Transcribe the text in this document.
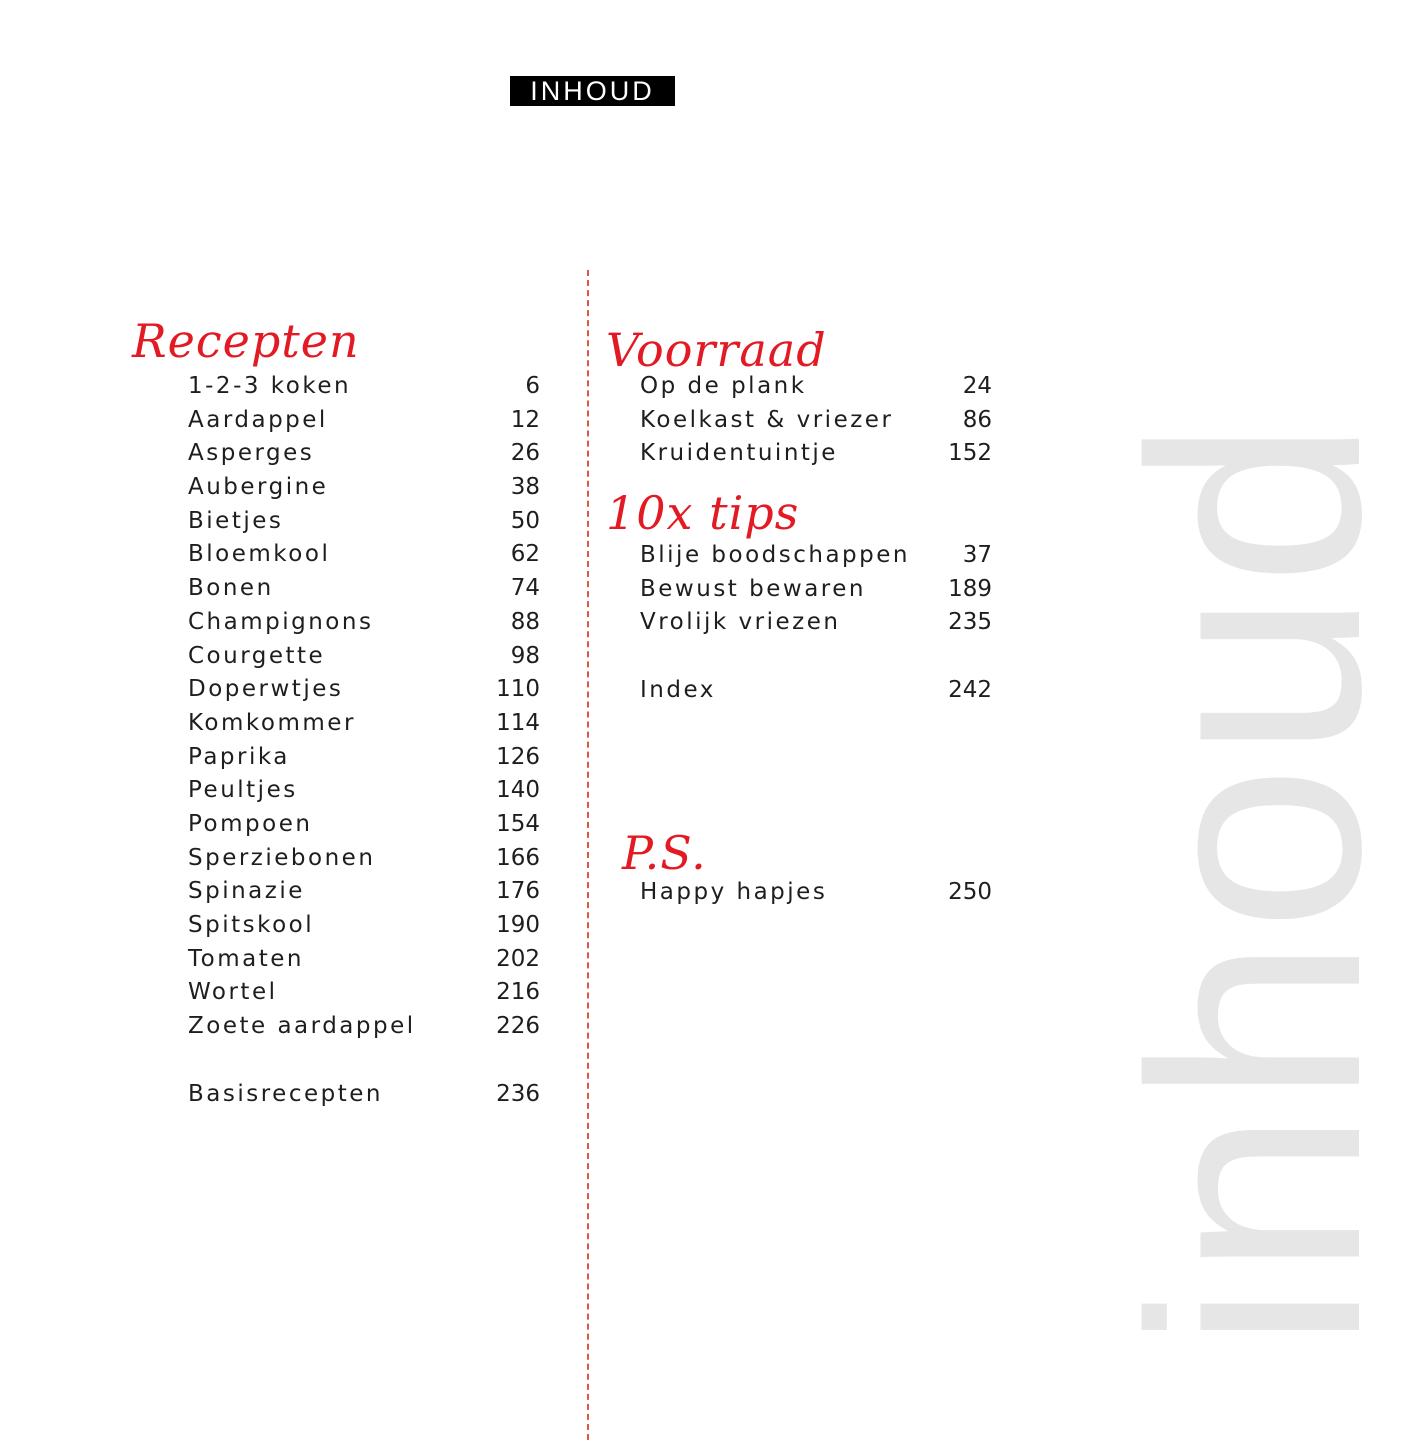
INHOUD
inhoud
Recepten
1-2-3 koken	6
Aardappel	12
Asperges	26
Aubergine	38
Bietjes	50
Bloemkool	62
Bonen	74
Champignons	88
Courgette	98
Doperwtjes	110
Komkommer	114
Paprika	126
Peultjes	140
Pompoen	154
Sperziebonen	166
Spinazie	176
Spitskool	190
Tomaten	202
Wortel	216
Zoete aardappel	226
Basisrecepten	236
Voorraad
Op de plank	24
Koelkast & vriezer	86
Kruidentuintje	152
10x tips
Blije boodschappen 37
Bewust bewaren	189
Vrolijk vriezen	235
Index	242
P.S.
Happy hapjes	250
